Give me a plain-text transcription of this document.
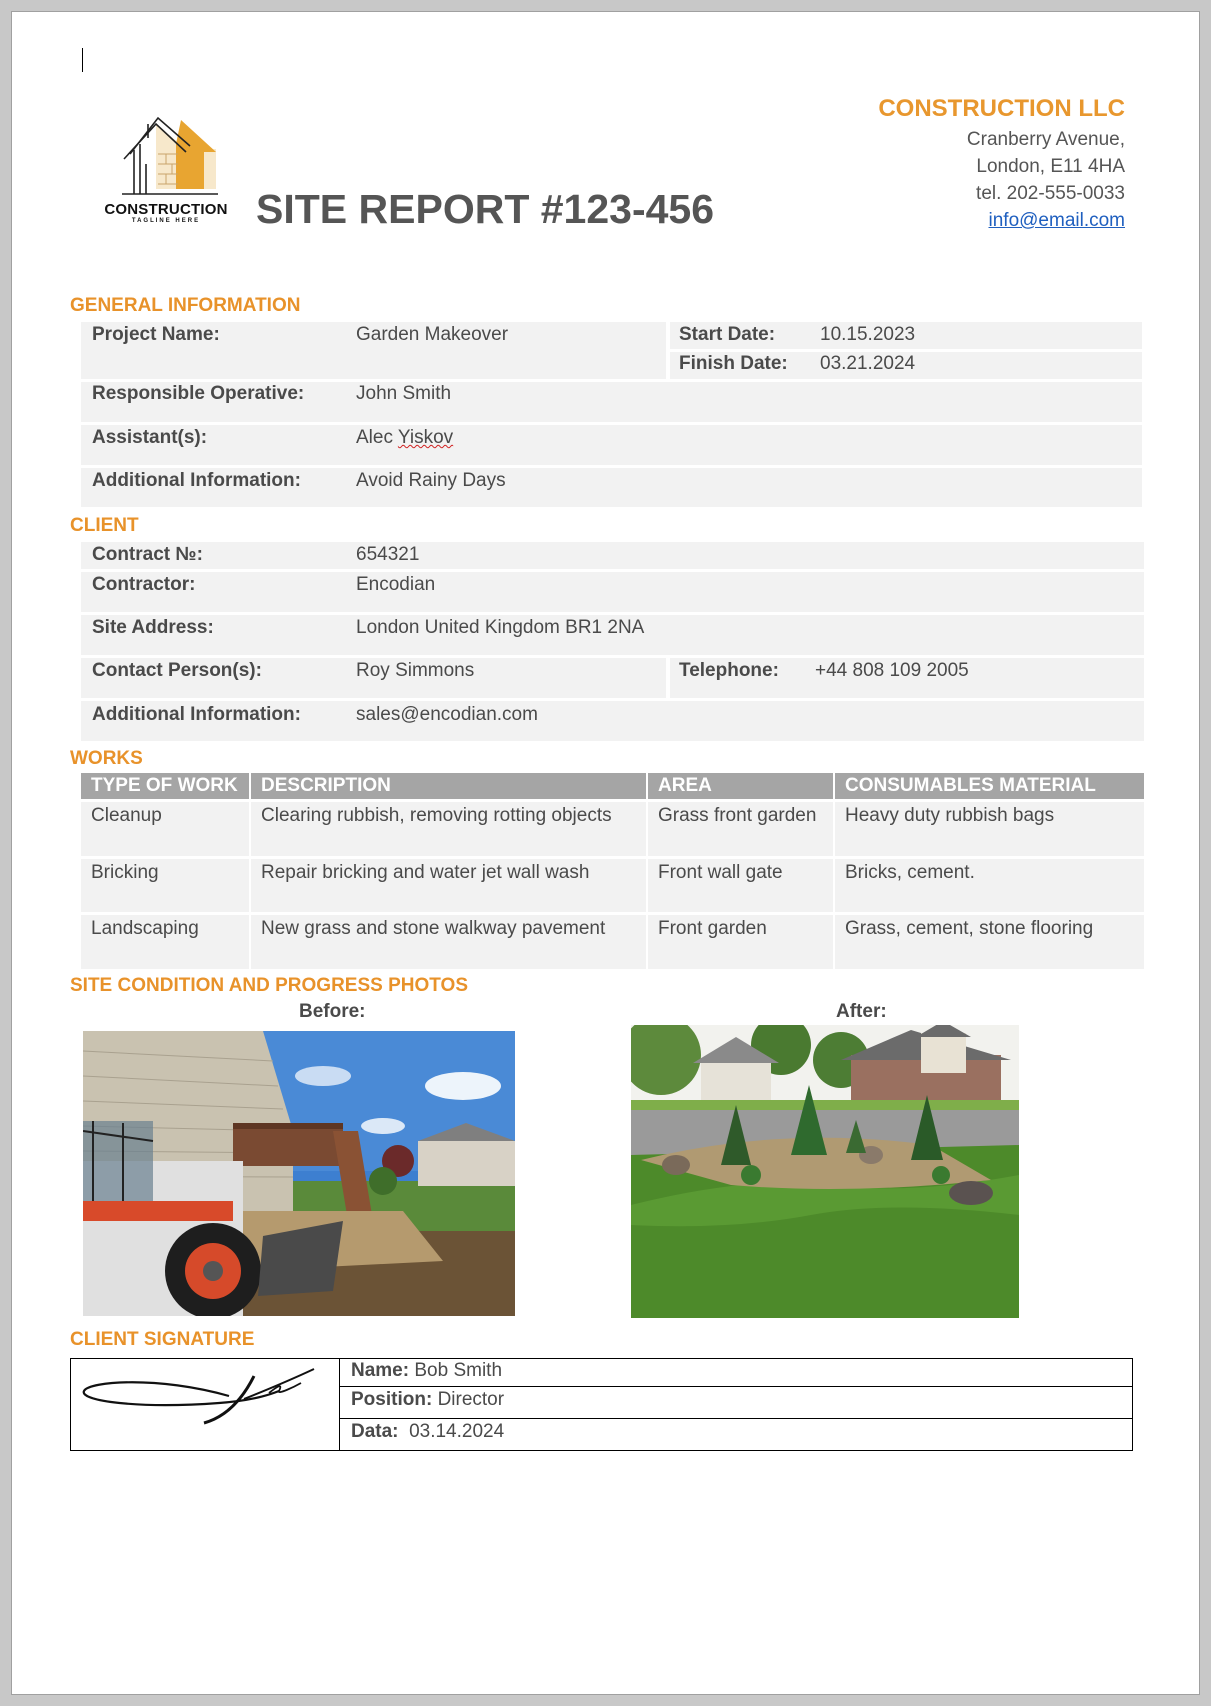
CONSTRUCTION
TAGLINE HERE	SITE REPORT #123-456
CONSTRUCTION LLC
Cranberry Avenue,
London, E11 4HA
tel. 202-555-0033
info@email.com
GENERAL INFORMATION
Project Name:	Garden Makeover	Start Date: 10.15.2023
Finish Date: 03.21.2024
Responsible Operative:	John Smith
Assistant(s):	Alec Yiskov
Additional Information:	Avoid Rainy Days
CLIENT
Contract №:	654321
Contractor:	Encodian
Site Address:	London United Kingdom BR1 2NA
Contact Person(s):	Roy Simmons	Telephone: +44 808 109 2005
Additional Information:	sales@encodian.com
WORKS
TYPE OF WORK	DESCRIPTION	AREA	CONSUMABLES MATERIAL
Cleanup	Clearing rubbish, removing rotting objects	Grass front garden	Heavy duty rubbish bags
Bricking	Repair bricking and water jet wall wash	Front wall gate	Bricks, cement.
Landscaping	New grass and stone walkway pavement	Front garden	Grass, cement, stone flooring
SITE CONDITION AND PROGRESS PHOTOS
Before:	After:
CLIENT SIGNATURE
Name: Bob Smith
Position: Director
Data: 03.14.2024
